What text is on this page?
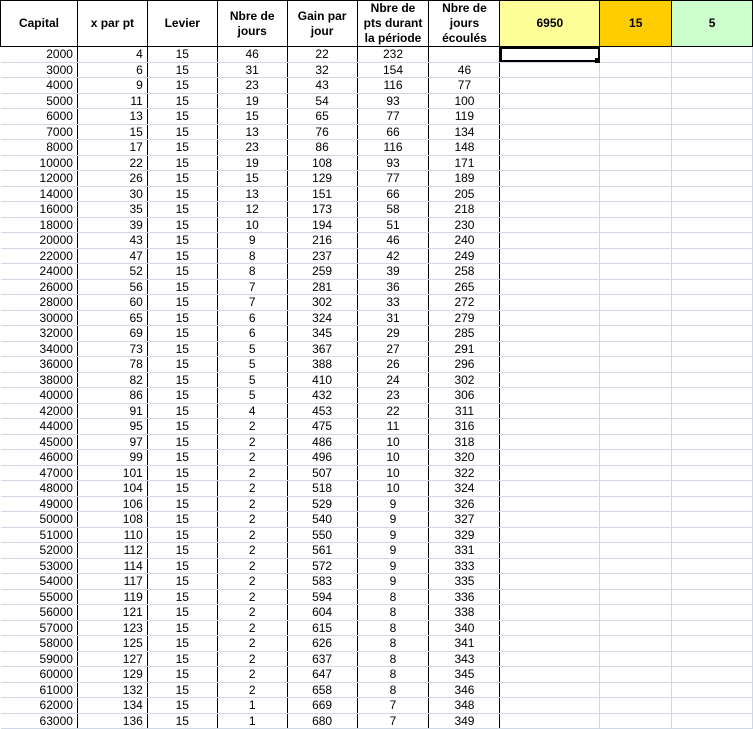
Capital	x par pt	Levier	Nbre de jours	Gain par jour	Nbre de pts durant la période	Nbre de jours écoulés	6950	15	5
2000	4	15	46	22	232		

3000	6	15	31	32	154	46			
4000	9	15	23	43	116	77			
5000	11	15	19	54	93	100			
6000	13	15	15	65	77	119			
7000	15	15	13	76	66	134			
8000	17	15	23	86	116	148			
10000	22	15	19	108	93	171			
12000	26	15	15	129	77	189			
14000	30	15	13	151	66	205			
16000	35	15	12	173	58	218			
18000	39	15	10	194	51	230			
20000	43	15	9	216	46	240			
22000	47	15	8	237	42	249			
24000	52	15	8	259	39	258			
26000	56	15	7	281	36	265			
28000	60	15	7	302	33	272			
30000	65	15	6	324	31	279			
32000	69	15	6	345	29	285			
34000	73	15	5	367	27	291			
36000	78	15	5	388	26	296			
38000	82	15	5	410	24	302			
40000	86	15	5	432	23	306			
42000	91	15	4	453	22	311			
44000	95	15	2	475	11	316			
45000	97	15	2	486	10	318			
46000	99	15	2	496	10	320			
47000	101	15	2	507	10	322			
48000	104	15	2	518	10	324			
49000	106	15	2	529	9	326			
50000	108	15	2	540	9	327			
51000	110	15	2	550	9	329			
52000	112	15	2	561	9	331			
53000	114	15	2	572	9	333			
54000	117	15	2	583	9	335			
55000	119	15	2	594	8	336			
56000	121	15	2	604	8	338			
57000	123	15	2	615	8	340			
58000	125	15	2	626	8	341			
59000	127	15	2	637	8	343			
60000	129	15	2	647	8	345			
61000	132	15	2	658	8	346			
62000	134	15	1	669	7	348			
63000	136	15	1	680	7	349			
